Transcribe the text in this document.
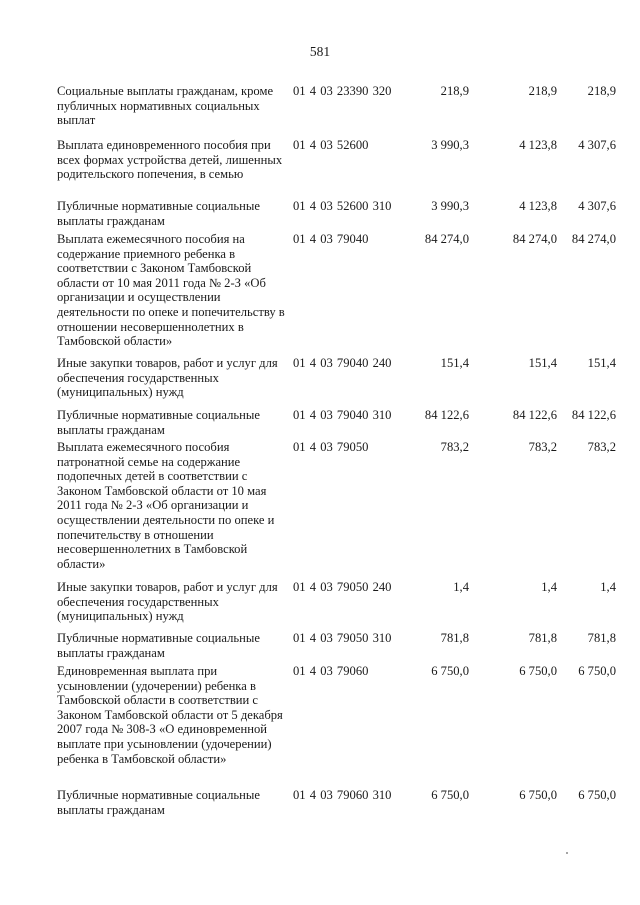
581
Социальные выплаты гражданам, кроме публичных нормативных социальных выплат
01 4 03 23390 320	218,9	218,9	218,9
Выплата единовременного пособия при всех формах устройства детей, лишенных родительского попечения, в семью
01 4 03 52600	3 990,3	4 123,8	4 307,6
Публичные нормативные социальные выплаты гражданам
01 4 03 52600 310	3 990,3	4 123,8	4 307,6
Выплата ежемесячного пособия на содержание приемного ребенка в соответствии с Законом Тамбовской области от 10 мая 2011 года № 2-З «Об организации и осуществлении деятельности по опеке и попечительству в отношении несовершеннолетних в Тамбовской области»
01 4 03 79040	84 274,0	84 274,0	84 274,0
Иные закупки товаров, работ и услуг для обеспечения государственных (муниципальных) нужд
01 4 03 79040 240	151,4	151,4	151,4
Публичные нормативные социальные выплаты гражданам
01 4 03 79040 310	84 122,6	84 122,6	84 122,6
Выплата ежемесячного пособия патронатной семье на содержание подопечных детей в соответствии с Законом Тамбовской области от 10 мая 2011 года № 2-З «Об организации и осуществлении деятельности по опеке и попечительству в отношении несовершеннолетних в Тамбовской области»
01 4 03 79050	783,2	783,2	783,2
Иные закупки товаров, работ и услуг для обеспечения государственных (муниципальных) нужд
01 4 03 79050 240	1,4	1,4	1,4
Публичные нормативные социальные выплаты гражданам
01 4 03 79050 310	781,8	781,8	781,8
Единовременная выплата при усыновлении (удочерении) ребенка в Тамбовской области в соответствии с Законом Тамбовской области от 5 декабря 2007 года № 308-З «О единовременной выплате при усыновлении (удочерении) ребенка в Тамбовской области»
01 4 03 79060	6 750,0	6 750,0	6 750,0
Публичные нормативные социальные выплаты гражданам
01 4 03 79060 310	6 750,0	6 750,0	6 750,0
